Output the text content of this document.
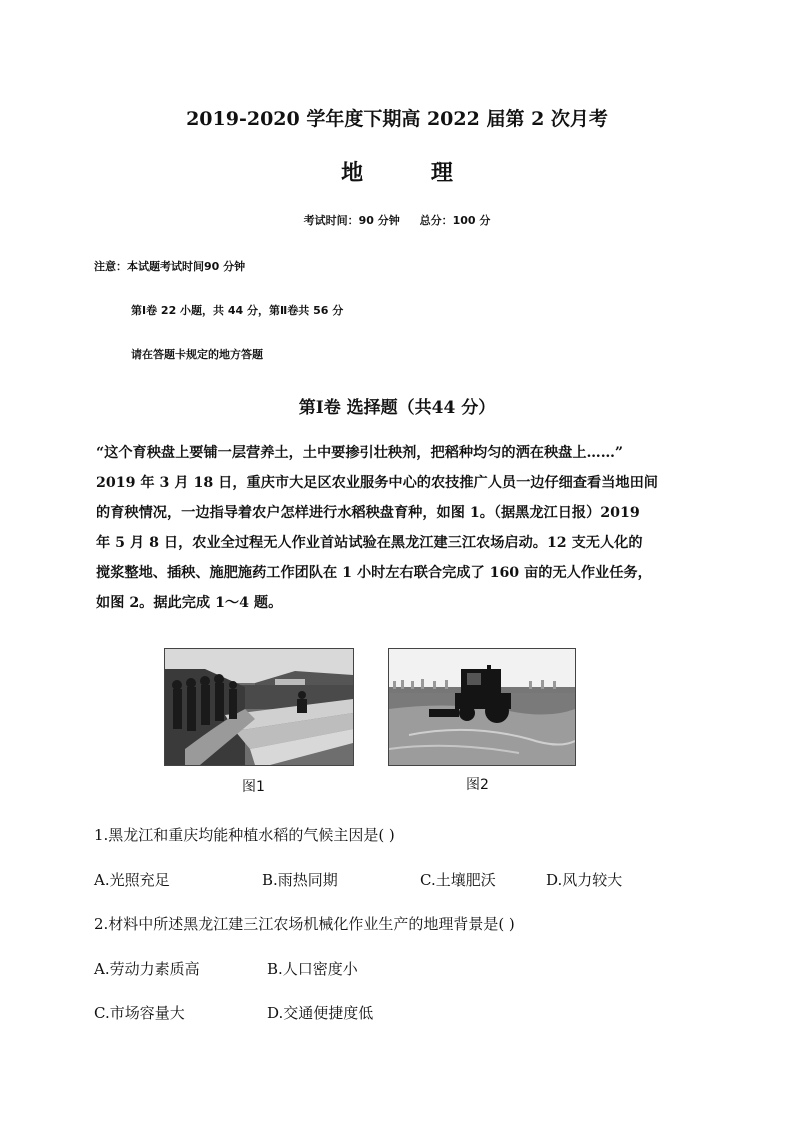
2019-2020 学年度下期高 2022 届第 2 次月考
地	理
考试时间：90 分钟 总分：100 分
注意：本试题考试时间90 分钟
第Ⅰ卷 22 小题，共 44 分，第Ⅱ卷共 56 分
请在答题卡规定的地方答题
第Ⅰ卷 选择题（共44 分）
“这个育秧盘上要铺一层营养土，土中要掺引壮秧剂，把稻种均匀的洒在秧盘上……”
2019 年 3 月 18 日，重庆市大足区农业服务中心的农技推广人员一边仔细查看当地田间
的育秧情况，一边指导着农户怎样进行水稻秧盘育种，如图 1。（据黑龙江日报）2019
年 5 月 8 日，农业全过程无人作业首站试验在黑龙江建三江农场启动。12 支无人化的
搅浆整地、插秧、施肥施药工作团队在 1 小时左右联合完成了 160 亩的无人作业任务，
如图 2。据此完成 1～4 题。
图1	图2
1.黑龙江和重庆均能种植水稻的气候主因是( )
A.光照充足	B.雨热同期	C.土壤肥沃	D.风力较大
2.材料中所述黑龙江建三江农场机械化作业生产的地理背景是( )
A.劳动力素质高	B.人口密度小
C.市场容量大	D.交通便捷度低
